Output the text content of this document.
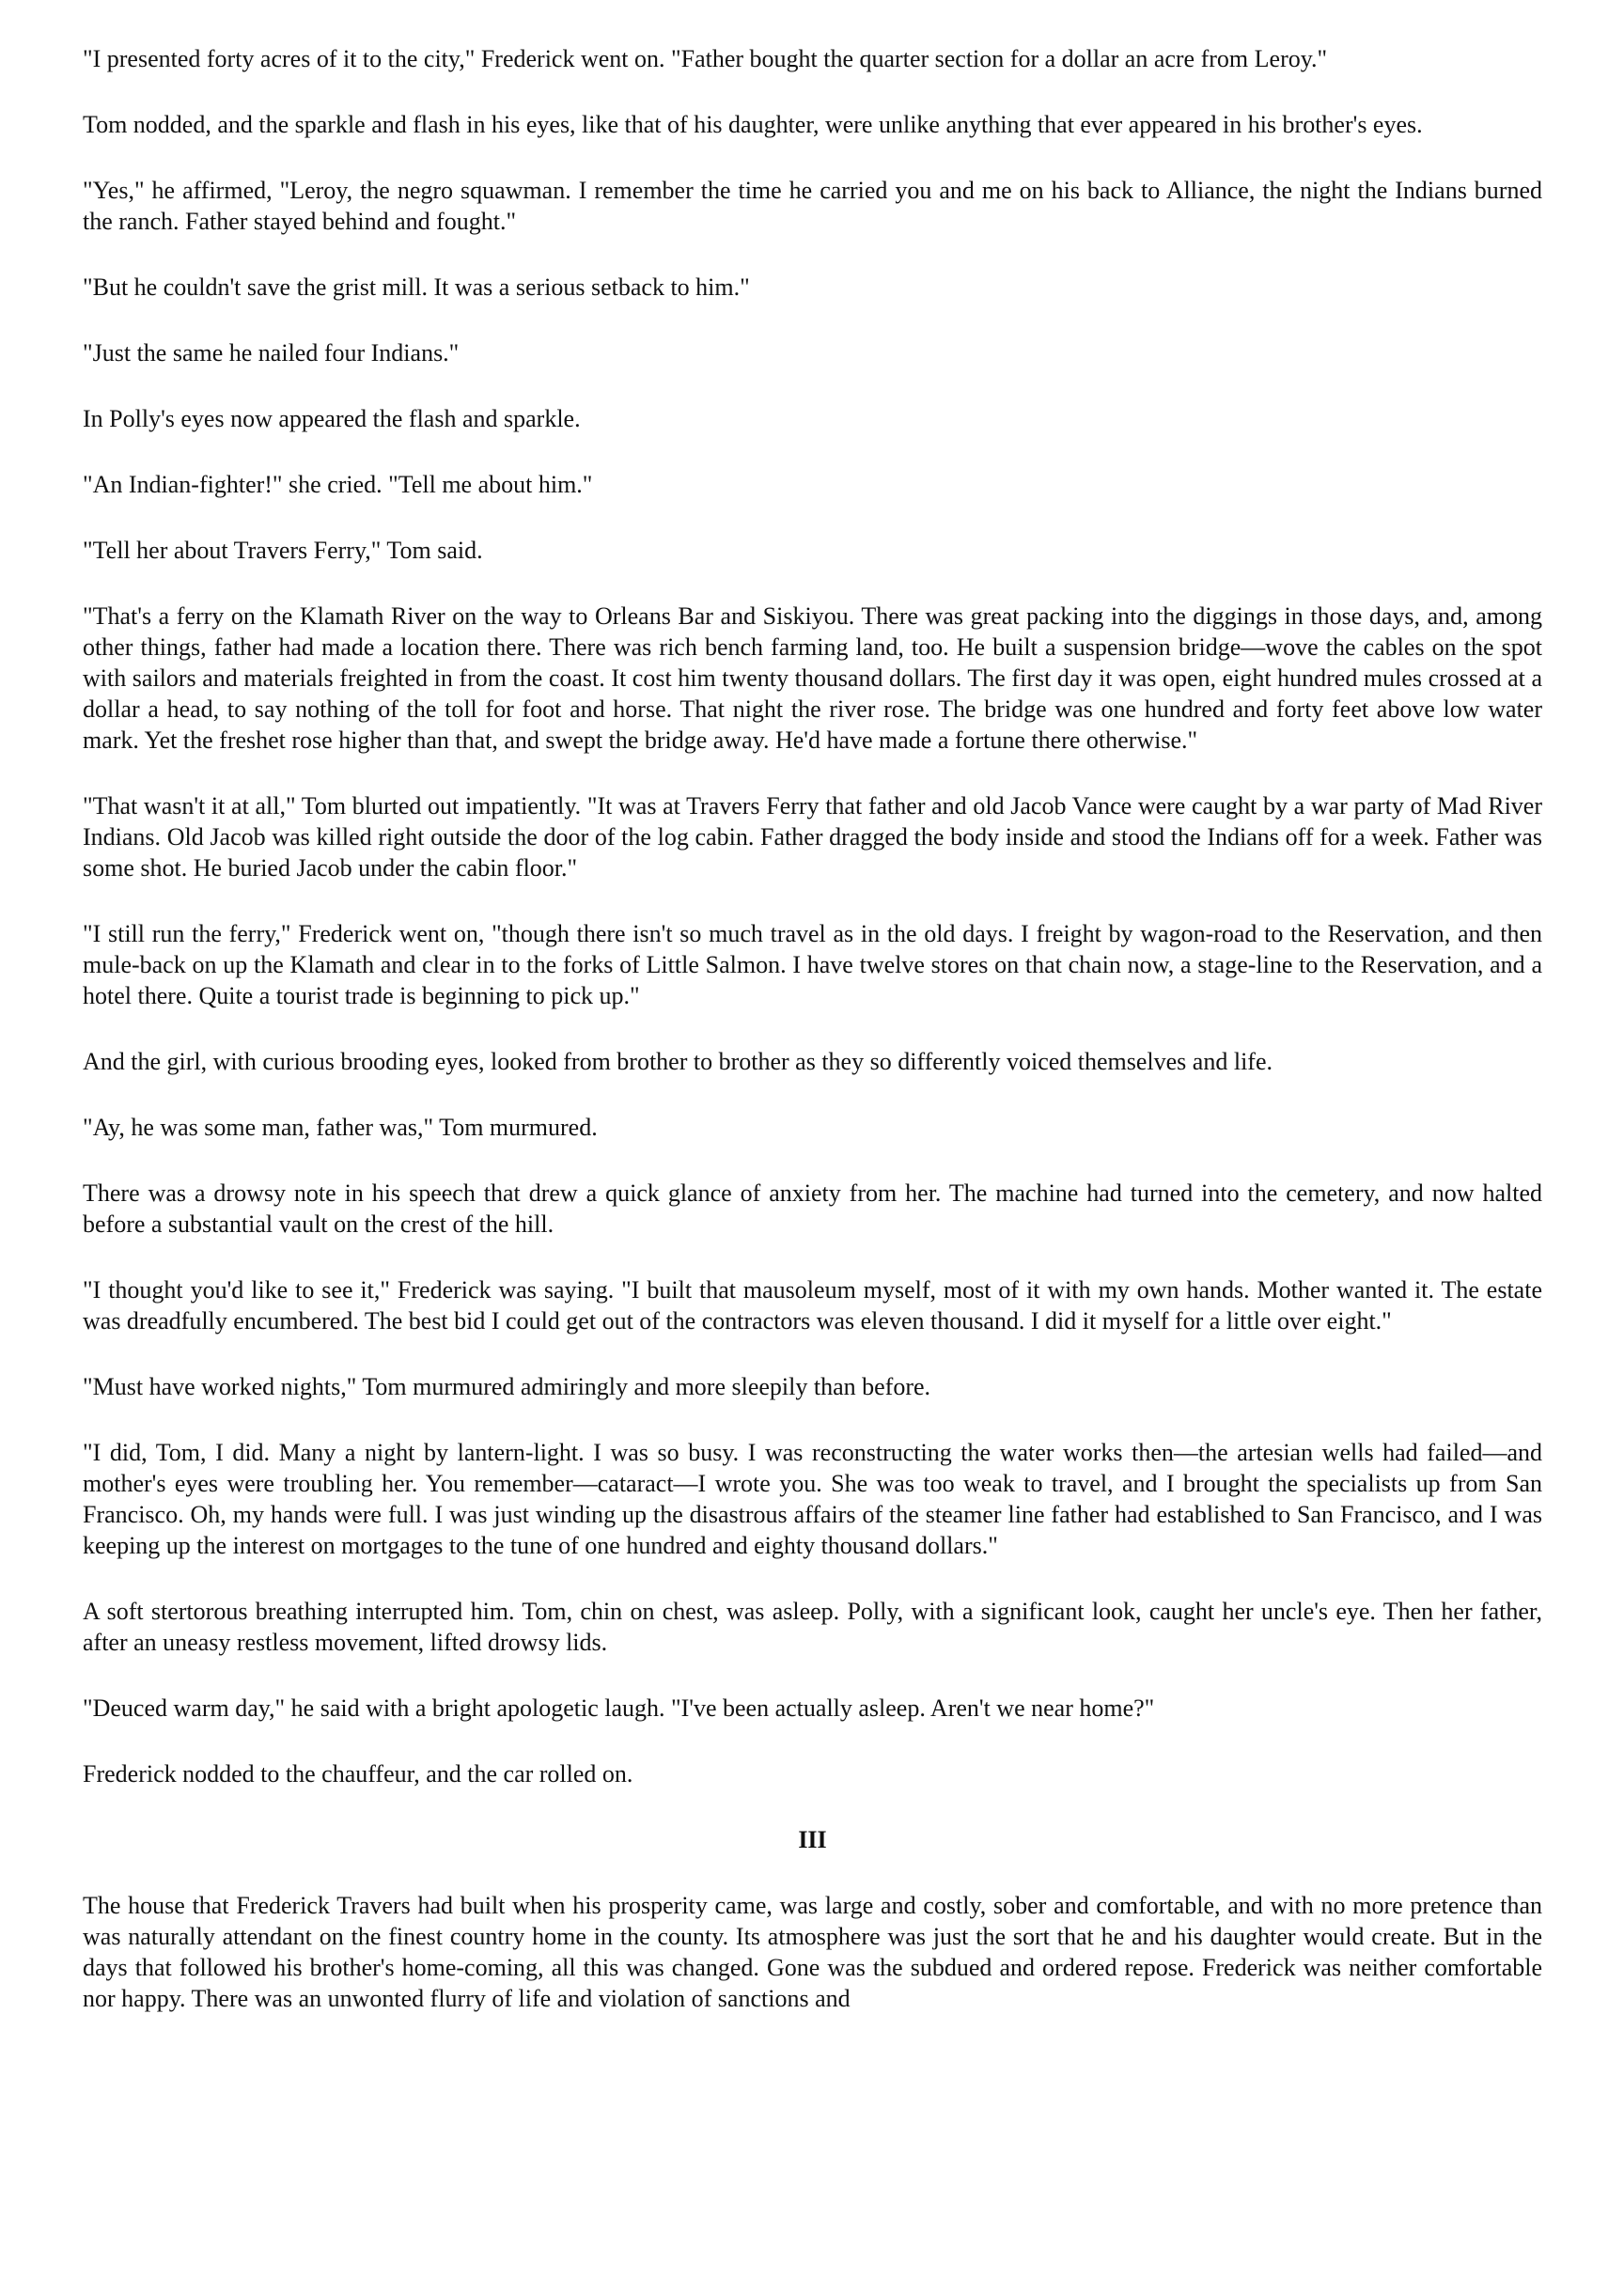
"I presented forty acres of it to the city," Frederick went on. "Father bought the quarter section for a dollar an acre from Leroy."

Tom nodded, and the sparkle and flash in his eyes, like that of his daughter, were unlike anything that ever appeared in his brother's eyes.

"Yes," he affirmed, "Leroy, the negro squawman. I remember the time he carried you and me on his back to Alliance, the night the Indians burned the ranch. Father stayed behind and fought."

"But he couldn't save the grist mill. It was a serious setback to him."

"Just the same he nailed four Indians."

In Polly's eyes now appeared the flash and sparkle.

"An Indian-fighter!" she cried. "Tell me about him."

"Tell her about Travers Ferry," Tom said.

"That's a ferry on the Klamath River on the way to Orleans Bar and Siskiyou. There was great packing into the diggings in those days, and, among other things, father had made a location there. There was rich bench farming land, too. He built a suspension bridge—wove the cables on the spot with sailors and materials freighted in from the coast. It cost him twenty thousand dollars. The first day it was open, eight hundred mules crossed at a dollar a head, to say nothing of the toll for foot and horse. That night the river rose. The bridge was one hundred and forty feet above low water mark. Yet the freshet rose higher than that, and swept the bridge away. He'd have made a fortune there otherwise."

"That wasn't it at all," Tom blurted out impatiently. "It was at Travers Ferry that father and old Jacob Vance were caught by a war party of Mad River Indians. Old Jacob was killed right outside the door of the log cabin. Father dragged the body inside and stood the Indians off for a week. Father was some shot. He buried Jacob under the cabin floor."

"I still run the ferry," Frederick went on, "though there isn't so much travel as in the old days. I freight by wagon-road to the Reservation, and then mule-back on up the Klamath and clear in to the forks of Little Salmon. I have twelve stores on that chain now, a stage-line to the Reservation, and a hotel there. Quite a tourist trade is beginning to pick up."

And the girl, with curious brooding eyes, looked from brother to brother as they so differently voiced themselves and life.

"Ay, he was some man, father was," Tom murmured.

There was a drowsy note in his speech that drew a quick glance of anxiety from her. The machine had turned into the cemetery, and now halted before a substantial vault on the crest of the hill.

"I thought you'd like to see it," Frederick was saying. "I built that mausoleum myself, most of it with my own hands. Mother wanted it. The estate was dreadfully encumbered. The best bid I could get out of the contractors was eleven thousand. I did it myself for a little over eight."

"Must have worked nights," Tom murmured admiringly and more sleepily than before.

"I did, Tom, I did. Many a night by lantern-light. I was so busy. I was reconstructing the water works then—the artesian wells had failed—and mother's eyes were troubling her. You remember—cataract—I wrote you. She was too weak to travel, and I brought the specialists up from San Francisco. Oh, my hands were full. I was just winding up the disastrous affairs of the steamer line father had established to San Francisco, and I was keeping up the interest on mortgages to the tune of one hundred and eighty thousand dollars."

A soft stertorous breathing interrupted him. Tom, chin on chest, was asleep. Polly, with a significant look, caught her uncle's eye. Then her father, after an uneasy restless movement, lifted drowsy lids.

"Deuced warm day," he said with a bright apologetic laugh. "I've been actually asleep. Aren't we near home?"

Frederick nodded to the chauffeur, and the car rolled on.

III

The house that Frederick Travers had built when his prosperity came, was large and costly, sober and comfortable, and with no more pretence than was naturally attendant on the finest country home in the county. Its atmosphere was just the sort that he and his daughter would create. But in the days that followed his brother's home-coming, all this was changed. Gone was the subdued and ordered repose. Frederick was neither comfortable nor happy. There was an unwonted flurry of life and violation of sanctions and
